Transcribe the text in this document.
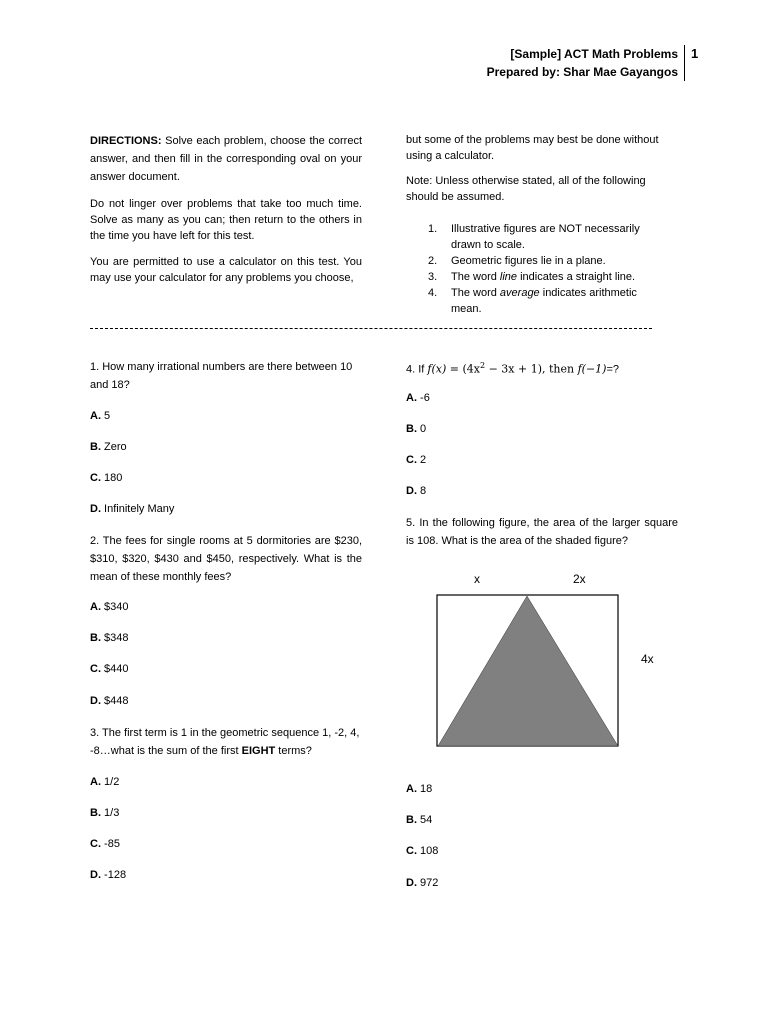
[Sample] ACT Math Problems
Prepared by: Shar Mae Gayangos
1

DIRECTIONS: Solve each problem, choose the correct answer, and then fill in the corresponding oval on your answer document.

Do not linger over problems that take too much time. Solve as many as you can; then return to the others in the time you have left for this test.

You are permitted to use a calculator on this test. You may use your calculator for any problems you choose,

but some of the problems may best be done without using a calculator.

Note: Unless otherwise stated, all of the following should be assumed.

1. Illustrative figures are NOT necessarily drawn to scale.
2. Geometric figures lie in a plane.
3. The word line indicates a straight line.
4. The word average indicates arithmetic mean.
1. How many irrational numbers are there between 10 and 18?
A. 5
B. Zero
C. 180
D. Infinitely Many
2. The fees for single rooms at 5 dormitories are $230, $310, $320, $430 and $450, respectively. What is the mean of these monthly fees?
A. $340
B. $348
C. $440
D. $448
3. The first term is 1 in the geometric sequence 1, -2, 4, -8…what is the sum of the first EIGHT terms?
A. 1/2
B. 1/3
C. -85
D. -128
4. If $f(x) = (4x^2 - 3x + 1)$, then f(−1)=?
A. -6
B. 0
C. 2
D. 8
5. In the following figure, the area of the larger square is 108. What is the area of the shaded figure?
x	2x
4x
A. 18
B. 54
C. 108
D. 972
